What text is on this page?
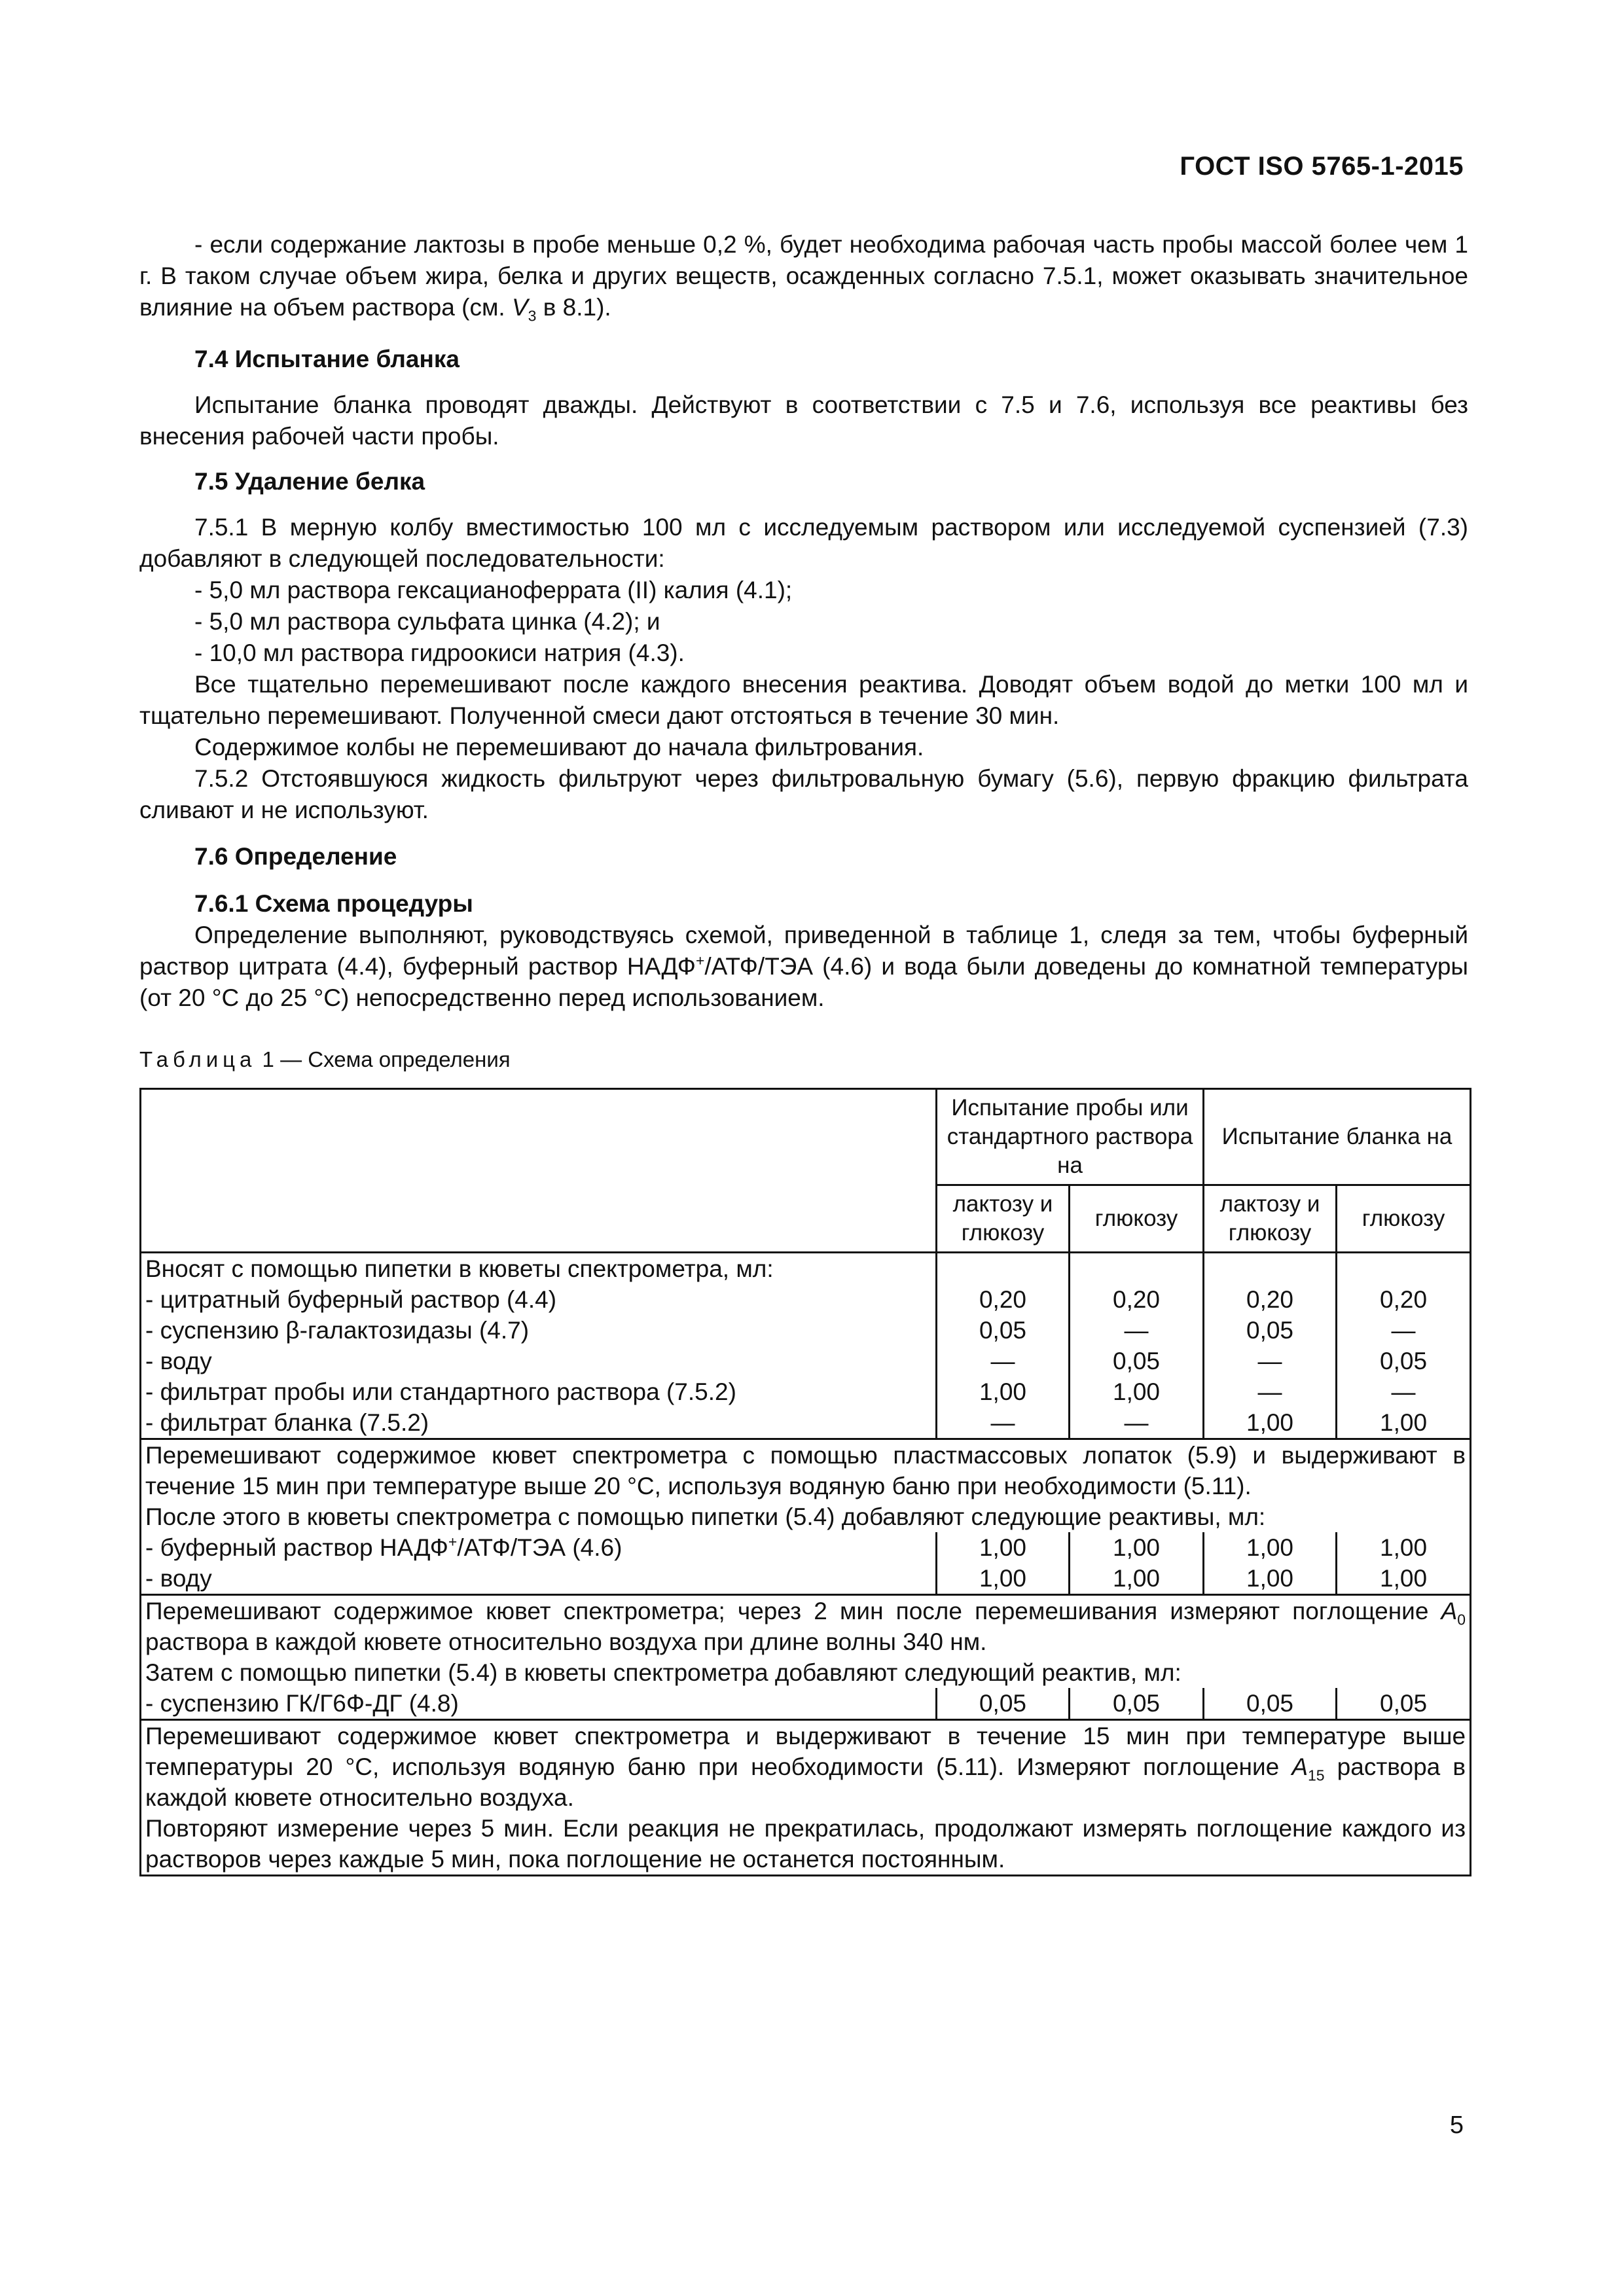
ГОСТ ISO 5765-1-2015

- если содержание лактозы в пробе меньше 0,2 %, будет необходима рабочая часть пробы массой более чем 1 г. В таком случае объем жира, белка и других веществ, осажденных согласно 7.5.1, может оказывать значительное влияние на объем раствора (см. $V_3$ в 8.1).

7.4 Испытание бланка

Испытание бланка проводят дважды. Действуют в соответствии с 7.5 и 7.6, используя все реактивы без внесения рабочей части пробы.

7.5 Удаление белка

7.5.1 В мерную колбу вместимостью 100 мл с исследуемым раствором или исследуемой суспензией (7.3) добавляют в следующей последовательности:

- 5,0 мл раствора гексацианоферрата (II) калия (4.1);

- 5,0 мл раствора сульфата цинка (4.2); и

- 10,0 мл раствора гидроокиси натрия (4.3).

Все тщательно перемешивают после каждого внесения реактива. Доводят объем водой до метки 100 мл и тщательно перемешивают. Полученной смеси дают отстояться в течение 30 мин.

Содержимое колбы не перемешивают до начала фильтрования.

7.5.2 Отстоявшуюся жидкость фильтруют через фильтровальную бумагу (5.6), первую фракцию фильтрата сливают и не используют.

7.6 Определение

7.6.1 Схема процедуры

Определение выполняют, руководствуясь схемой, приведенной в таблице 1, следя за тем, чтобы буферный раствор цитрата (4.4), буферный раствор НАДФ+/АТФ/ТЭА (4.6) и вода были доведены до комнатной температуры (от 20 °С до 25 °С) непосредственно перед использованием.

Таблица 1 — Схема определения
	Испытание пробы или стандартного раствора на		Испытание бланка на	
	лактозу и глюкозу	глюкозу	лактозу и глюкозу	глюкозу
Вносят с помощью пипетки в кюветы спектрометра, мл:				
- цитратный буферный раствор (4.4)	0,20	0,20	0,20	0,20
- суспензию β-галактозидазы (4.7)	0,05	—	0,05	—
- воду	—	0,05	—	0,05
- фильтрат пробы или стандартного раствора (7.5.2)	1,00	1,00	—	—
- фильтрат бланка (7.5.2)	—	—	1,00	1,00
Перемешивают содержимое кювет спектрометра с помощью пластмассовых лопаток (5.9) и выдерживают в течение 15 мин при температуре выше 20 °С, используя водяную баню при необходимости (5.11).				
После этого в кюветы спектрометра с помощью пипетки (5.4) добавляют следующие реактивы, мл:				
- буферный раствор НАДФ+/АТФ/ТЭА (4.6)	1,00	1,00	1,00	1,00
- воду	1,00	1,00	1,00	1,00
Перемешивают содержимое кювет спектрометра; через 2 мин после перемешивания измеряют поглощение $A_0$ раствора в каждой кювете относительно воздуха при длине волны 340 нм.				
Затем с помощью пипетки (5.4) в кюветы спектрометра добавляют следующий реактив, мл:				
- суспензию ГК/Г6Ф-ДГ (4.8)	0,05	0,05	0,05	0,05
Перемешивают содержимое кювет спектрометра и выдерживают в течение 15 мин при температуре выше температуры 20 °С, используя водяную баню при необходимости (5.11). Измеряют поглощение $A_{15}$ раствора в каждой кювете относительно воздуха.				
Повторяют измерение через 5 мин. Если реакция не прекратилась, продолжают измерять поглощение каждого из растворов через каждые 5 мин, пока поглощение не останется постоянным.				
5
